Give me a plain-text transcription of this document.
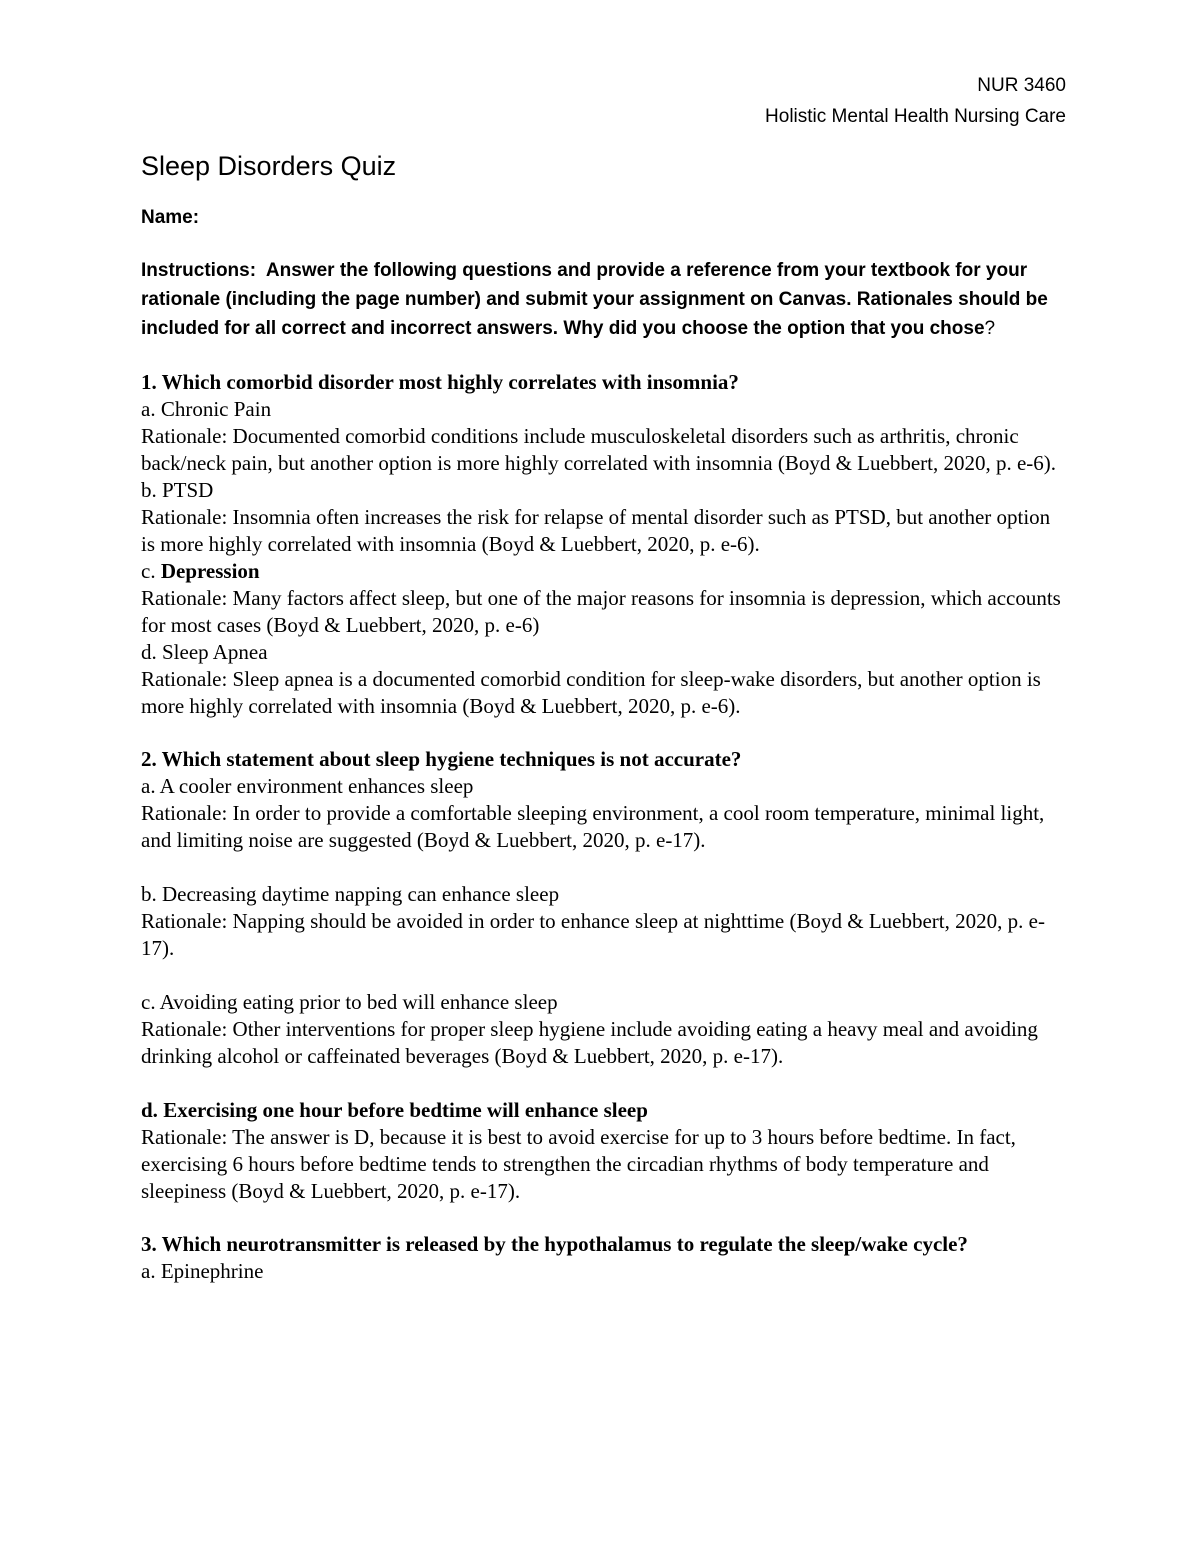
NUR 3460
Holistic Mental Health Nursing Care
Sleep Disorders Quiz
Name:
Instructions: Answer the following questions and provide a reference from your textbook for your rationale (including the page number) and submit your assignment on Canvas. Rationales should be included for all correct and incorrect answers. Why did you choose the option that you chose?
1. Which comorbid disorder most highly correlates with insomnia?
a. Chronic Pain
Rationale: Documented comorbid conditions include musculoskeletal disorders such as arthritis, chronic back/neck pain, but another option is more highly correlated with insomnia (Boyd & Luebbert, 2020, p. e-6).
b. PTSD
Rationale: Insomnia often increases the risk for relapse of mental disorder such as PTSD, but another option is more highly correlated with insomnia (Boyd & Luebbert, 2020, p. e-6).
c. Depression
Rationale: Many factors affect sleep, but one of the major reasons for insomnia is depression, which accounts for most cases (Boyd & Luebbert, 2020, p. e-6)
d. Sleep Apnea
Rationale: Sleep apnea is a documented comorbid condition for sleep-wake disorders, but another option is more highly correlated with insomnia (Boyd & Luebbert, 2020, p. e-6).
2. Which statement about sleep hygiene techniques is not accurate?
a. A cooler environment enhances sleep
Rationale: In order to provide a comfortable sleeping environment, a cool room temperature, minimal light, and limiting noise are suggested (Boyd & Luebbert, 2020, p. e-17).
b. Decreasing daytime napping can enhance sleep
Rationale: Napping should be avoided in order to enhance sleep at nighttime (Boyd & Luebbert, 2020, p. e-17).
c. Avoiding eating prior to bed will enhance sleep
Rationale: Other interventions for proper sleep hygiene include avoiding eating a heavy meal and avoiding drinking alcohol or caffeinated beverages (Boyd & Luebbert, 2020, p. e-17).
d. Exercising one hour before bedtime will enhance sleep
Rationale: The answer is D, because it is best to avoid exercise for up to 3 hours before bedtime. In fact, exercising 6 hours before bedtime tends to strengthen the circadian rhythms of body temperature and sleepiness (Boyd & Luebbert, 2020, p. e-17).
3. Which neurotransmitter is released by the hypothalamus to regulate the sleep/wake cycle?
a. Epinephrine
